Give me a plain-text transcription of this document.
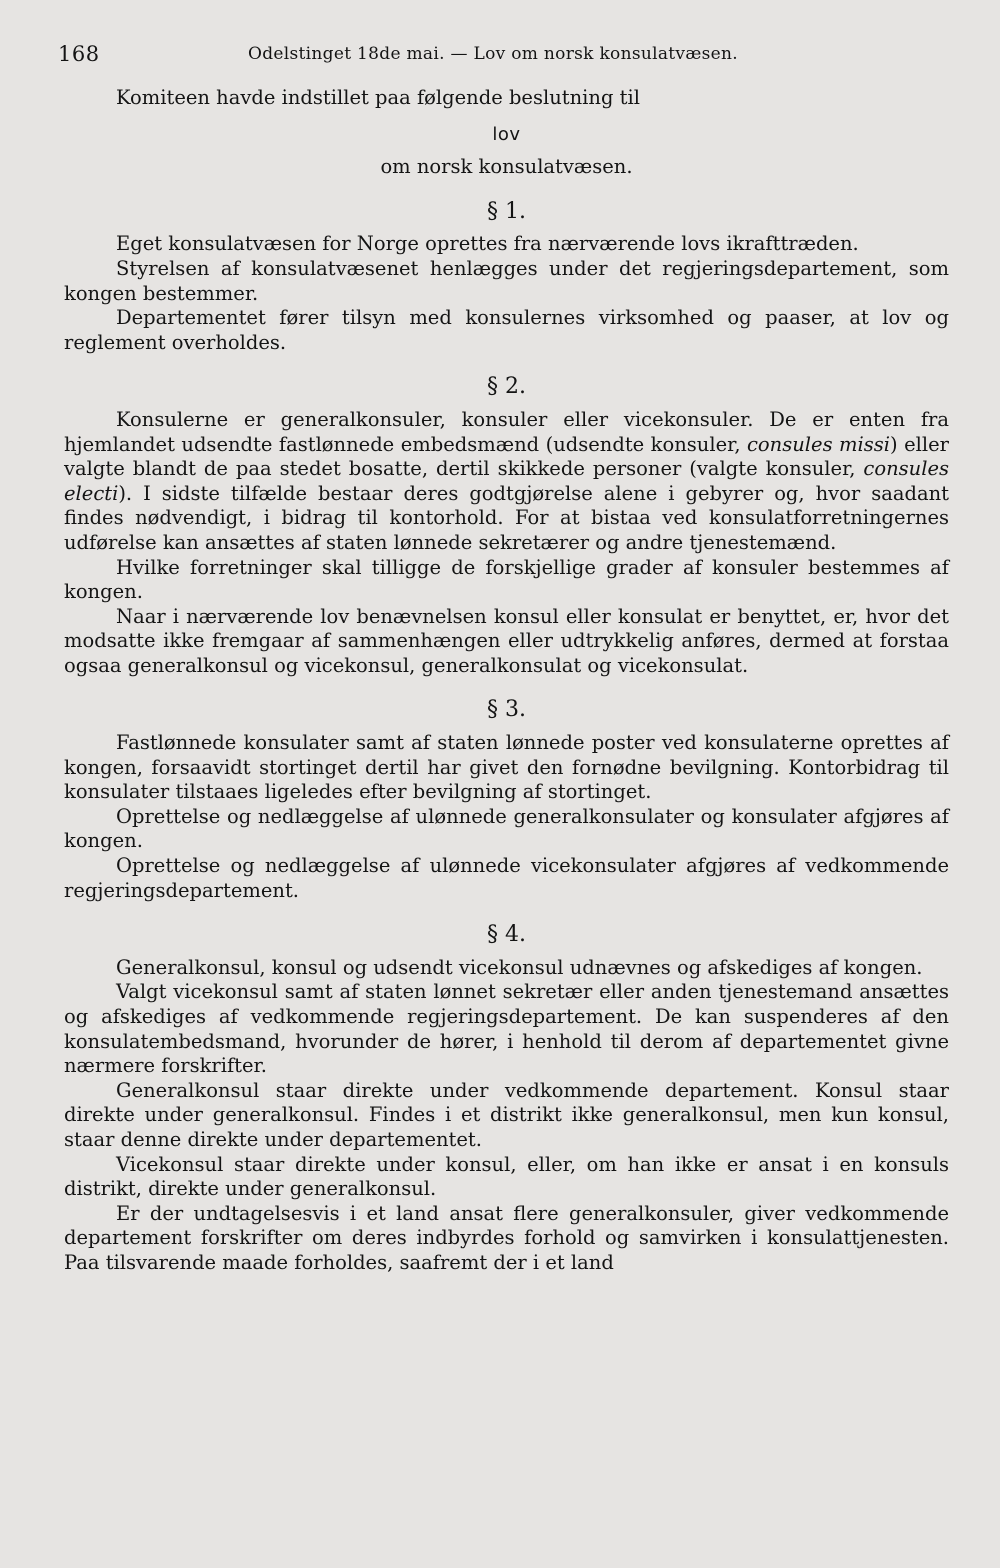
168	Odelstinget 18de mai. — Lov om norsk konsulatvæsen.

Komiteen havde indstillet paa følgende beslutning til

lov

om norsk konsulatvæsen.

§ 1.

Eget konsulatvæsen for Norge oprettes fra nærværende lovs ikrafttræden.

Styrelsen af konsulatvæsenet henlægges under det regjeringsdepartement, som kongen bestemmer.

Departementet fører tilsyn med konsulernes virksomhed og paaser, at lov og reglement overholdes.

§ 2.

Konsulerne er generalkonsuler, konsuler eller vicekonsuler. De er enten fra hjemlandet udsendte fastlønnede embedsmænd (udsendte konsuler, consules missi) eller valgte blandt de paa stedet bosatte, dertil skikkede personer (valgte konsuler, consules electi). I sidste tilfælde bestaar deres godtgjørelse alene i gebyrer og, hvor saadant findes nødvendigt, i bidrag til kontorhold. For at bistaa ved konsulatforretningernes udførelse kan ansættes af staten lønnede sekretærer og andre tjenestemænd.

Hvilke forretninger skal tilligge de forskjellige grader af konsuler bestemmes af kongen.

Naar i nærværende lov benævnelsen konsul eller konsulat er benyttet, er, hvor det modsatte ikke fremgaar af sammenhængen eller udtrykkelig anføres, dermed at forstaa ogsaa generalkonsul og vicekonsul, generalkonsulat og vicekonsulat.

§ 3.

Fastlønnede konsulater samt af staten lønnede poster ved konsulaterne oprettes af kongen, forsaavidt stortinget dertil har givet den fornødne bevilgning. Kontorbidrag til konsulater tilstaaes ligeledes efter bevilgning af stortinget.

Oprettelse og nedlæggelse af ulønnede generalkonsulater og konsulater afgjøres af kongen.

Oprettelse og nedlæggelse af ulønnede vicekonsulater afgjøres af vedkommende regjeringsdepartement.

§ 4.

Generalkonsul, konsul og udsendt vicekonsul udnævnes og afskediges af kongen.

Valgt vicekonsul samt af staten lønnet sekretær eller anden tjenestemand ansættes og afskediges af vedkommende regjeringsdepartement. De kan suspenderes af den konsulatembedsmand, hvorunder de hører, i henhold til derom af departementet givne nærmere forskrifter.

Generalkonsul staar direkte under vedkommende departement. Konsul staar direkte under generalkonsul. Findes i et distrikt ikke generalkonsul, men kun konsul, staar denne direkte under departementet.

Vicekonsul staar direkte under konsul, eller, om han ikke er ansat i en konsuls distrikt, direkte under generalkonsul.

Er der undtagelsesvis i et land ansat flere generalkonsuler, giver vedkommende departement forskrifter om deres indbyrdes forhold og samvirken i konsulattjenesten. Paa tilsvarende maade forholdes, saafremt der i et land
